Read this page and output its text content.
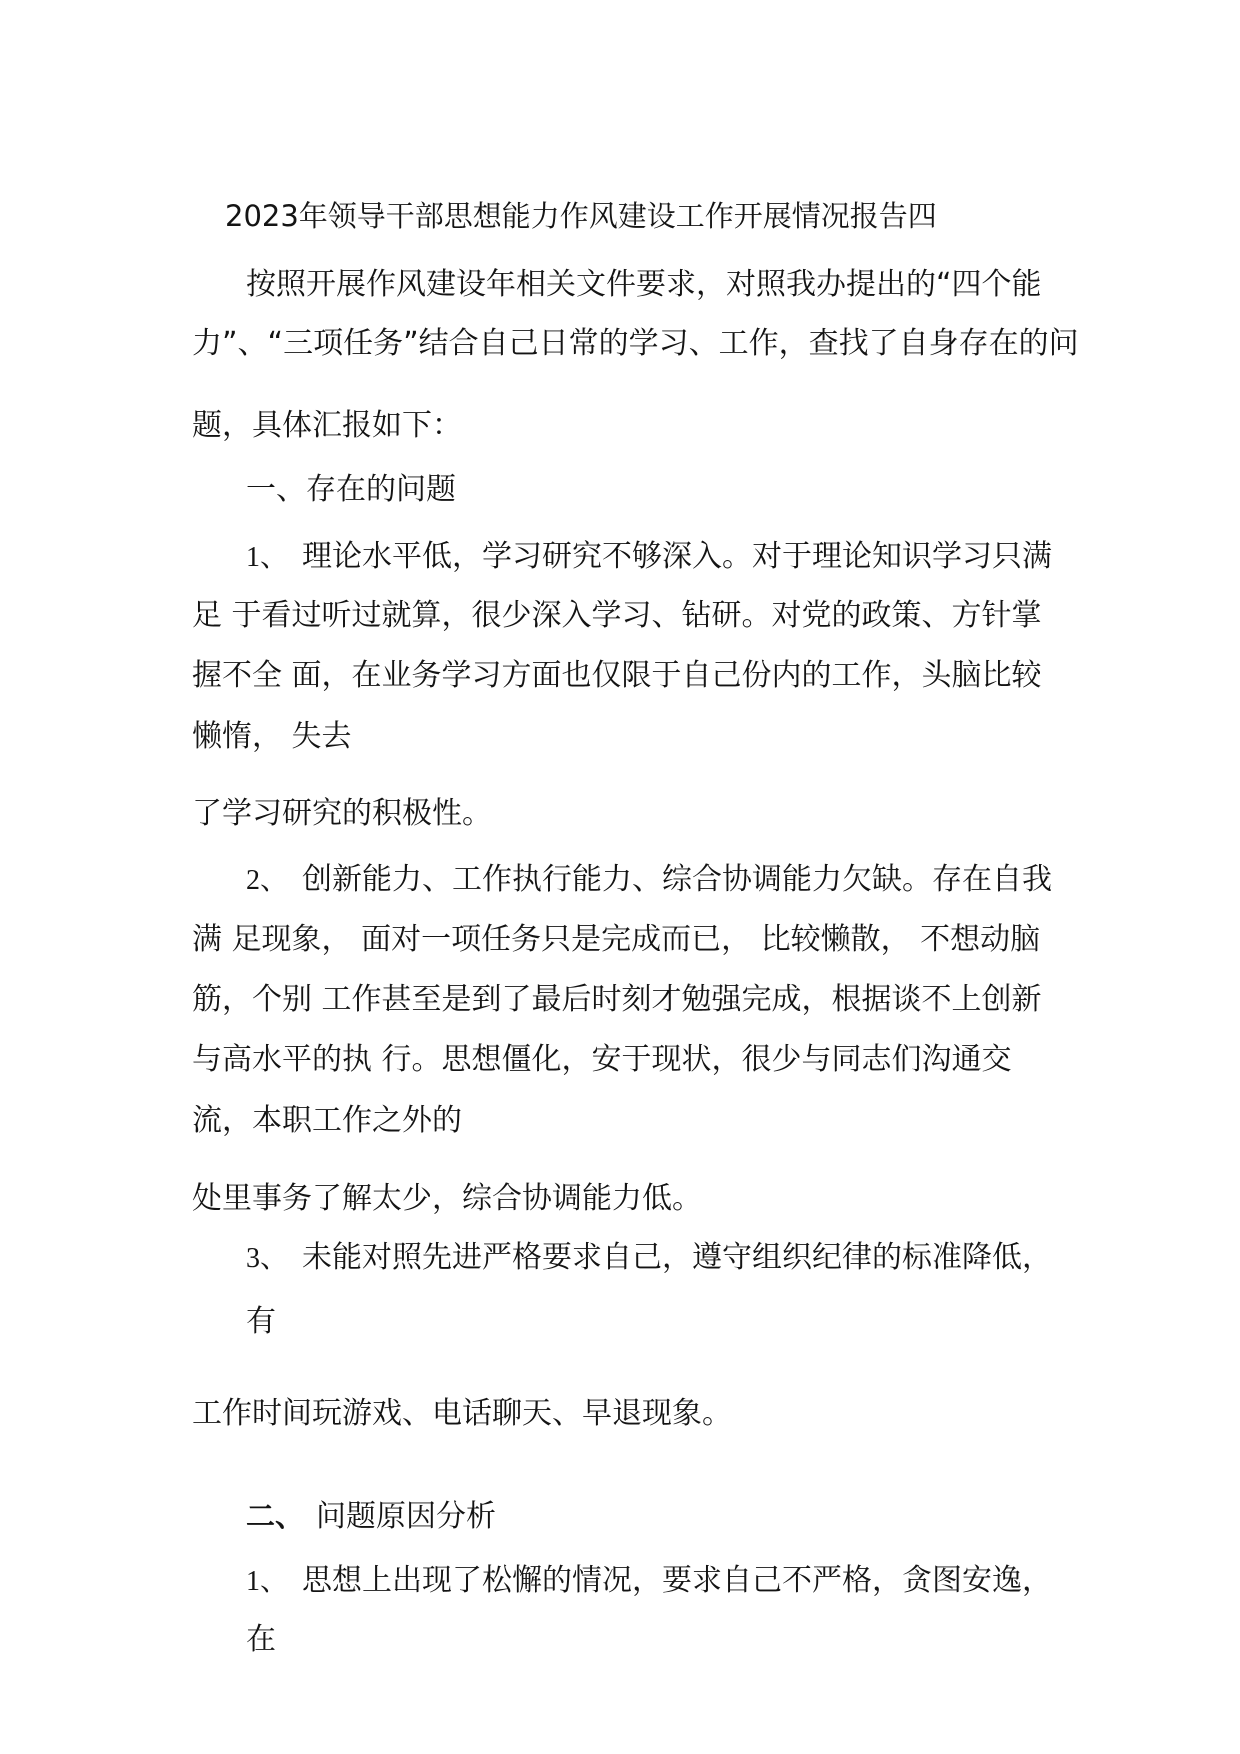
2023年领导干部思想能力作风建设工作开展情况报告四
按照开展作风建设年相关文件要求，对照我办提出的“四个能
力”、“三项任务”结合自己日常的学习、工作，查找了自身存在的问
题，具体汇报如下：
一、存在的问题
1、 理论水平低，学习研究不够深入。对于理论知识学习只满
足 于看过听过就算，很少深入学习、钻研。对党的政策、方针掌
握不全 面，在业务学习方面也仅限于自己份内的工作，头脑比较
懒惰， 失去
了学习研究的积极性。
2、 创新能力、工作执行能力、综合协调能力欠缺。存在自我
满 足现象， 面对一项任务只是完成而已， 比较懒散， 不想动脑
筋，个别 工作甚至是到了最后时刻才勉强完成，根据谈不上创新
与高水平的执 行。思想僵化，安于现状，很少与同志们沟通交
流，本职工作之外的
处里事务了解太少，综合协调能力低。
3、 未能对照先进严格要求自己，遵守组织纪律的标准降低，
有
工作时间玩游戏、电话聊天、早退现象。
二、 问题原因分析
1、 思想上出现了松懈的情况，要求自己不严格，贪图安逸，
在
